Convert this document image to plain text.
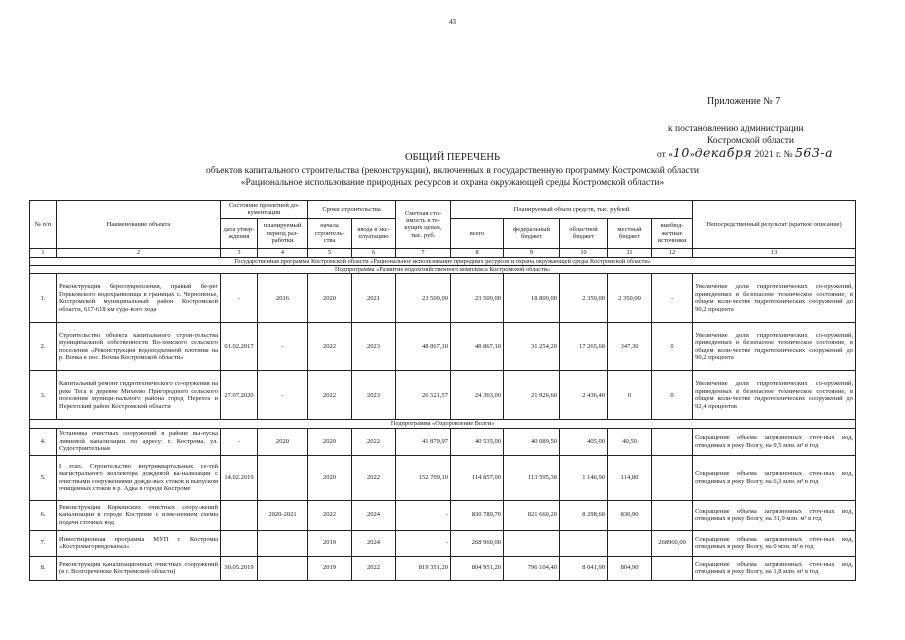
43
Приложение № 7
к постановлению администрации
Костромской области
от «10»декабря 2021 г. № 563-а
ОБЩИЙ ПЕРЕЧЕНЬ
объектов капитального строительства (реконструкции), включенных в государственную программу Костромской области
«Рациональное использование природных ресурсов и охрана окружающей среды Костромской области»
№ п/п	Наименование объекта	Состояние проектной до-кументации		Сроки строительства		Сметная сто-имость в те-кущих ценах, тыс. руб.	Планируемый объем средств, тыс. рублей					Непосредственный результат (краткое описание)
		дата утвер-ждения	планируемый период раз-работки	начала строитель-ства	ввода в экс-плуатацию		всего	федеральный бюджет	областной бюджет	местный бюджет	внебюд-жетные источники	
1	2	3	4	5	6	7	8	9	10	11	12	13
Государственная программа Костромской области «Рациональное использование природных ресурсов и охрана окружающей среды Костромской области»												
Подпрограмма «Развитие водохозяйственного комплекса Костромской области»												
1.	Реконструкция берегоукрепления, правый бе-рег Горьковского водохранилища в границах с. Чернопенье, Костромской муниципальный район Костромской области, 617-618 км судо-вого хода	-	2016	2020	2021	23 500,00	23 500,00	18 800,00	2 350,00	2 350,00	-	Увеличение доли гидротехнических со-оружений, приведенных в безопасное техническое состояние, в общем коли-честве гидротехнических сооружений до 90,2 процента
2.	Строительство объекта капитального строи-тельства муниципальной собственности Во-хомского сельского поселения «Реконструкция водоподъемной плотины на р. Вочка в пос. Вохма Костромской области»	01.02.2017	-	2022	2023	48 867,10	48 867,10	31 254,20	17 265,60	347,30	0	Увеличение доли гидротехнических со-оружений, приведенных в безопасное техническое состояние, в общем коли-честве гидротехнических сооружений до 90,2 процента
3.	Капитальный ремонт гидротехнического со-оружения на реке Тега в деревне Михеево Пригородного сельского поселения муници-пального района город Нерехта и Нерехтский район Костромской области	27.07.2020	-	2022	2023	26 521,57	24 363,00	21 926,60	2 436,40	0	0	Увеличение доли гидротехнических со-оружений, приведенных в безопасное техническое состояние, в общем коли-честве гидротехнических сооружений до 92,4 процентов
Подпрограмма «Оздоровление Волги»												
4.	Установка очистных сооружений в районе вы-пуска ливневой канализации по адресу: г. Кострома, ул. Судостроительная	-	2020	2020	2022	41 879,97	40 535,00	40 089,50	405,00	40,50		Сокращение объема загрязненных сточ-ных вод, отводимых в реку Волгу, на 9,5 млн. м³ в год
5.	I этап. Строительство внутриквартальных се-тей магистрального коллектора дождевой ка-нализации с очистными сооружениями дожде-вых стоков и выпуском очищенных стоков в р. Адка в городе Костроме	14.02.2019		2020	2022	152 709,10	114 857,00	113 595,30	1 146,90	114,80		Сокращение объема загрязненных сточ-ных вод, отводимых в реку Волгу, на 6,3 млн. м³ в год
6.	Реконструкция Коркинских очистных соору-жений канализации в городе Костроме с изме-нением схемы подачи сточных вод		2020-2021	2022	2024	-	830 789,70	821 660,20	8 298,60	830,90		Сокращение объема загрязненных сточ-ных вод, отводимых в реку Волгу, на 31,9 млн. м³ в год
7.	Инвестиционная программа МУП г. Костромы «Костромагорводоканал»			2019	2024	-	268 960,00				268960,00	Сокращение объема загрязненных сточ-ных вод, отводимых в реку Волгу, на 0 млн. м³ в год
8.	Реконструкция канализационных очистных сооружений (в г. Волгореченске Костромской области)	30.05.2019		2019	2022	819 351,20	804 951,20	796 104,40	8 041,90	804,90		Сокращение объема загрязненных сточ-ных вод, отводимых в реку Волгу, на 1,8 млн. м³ в год
